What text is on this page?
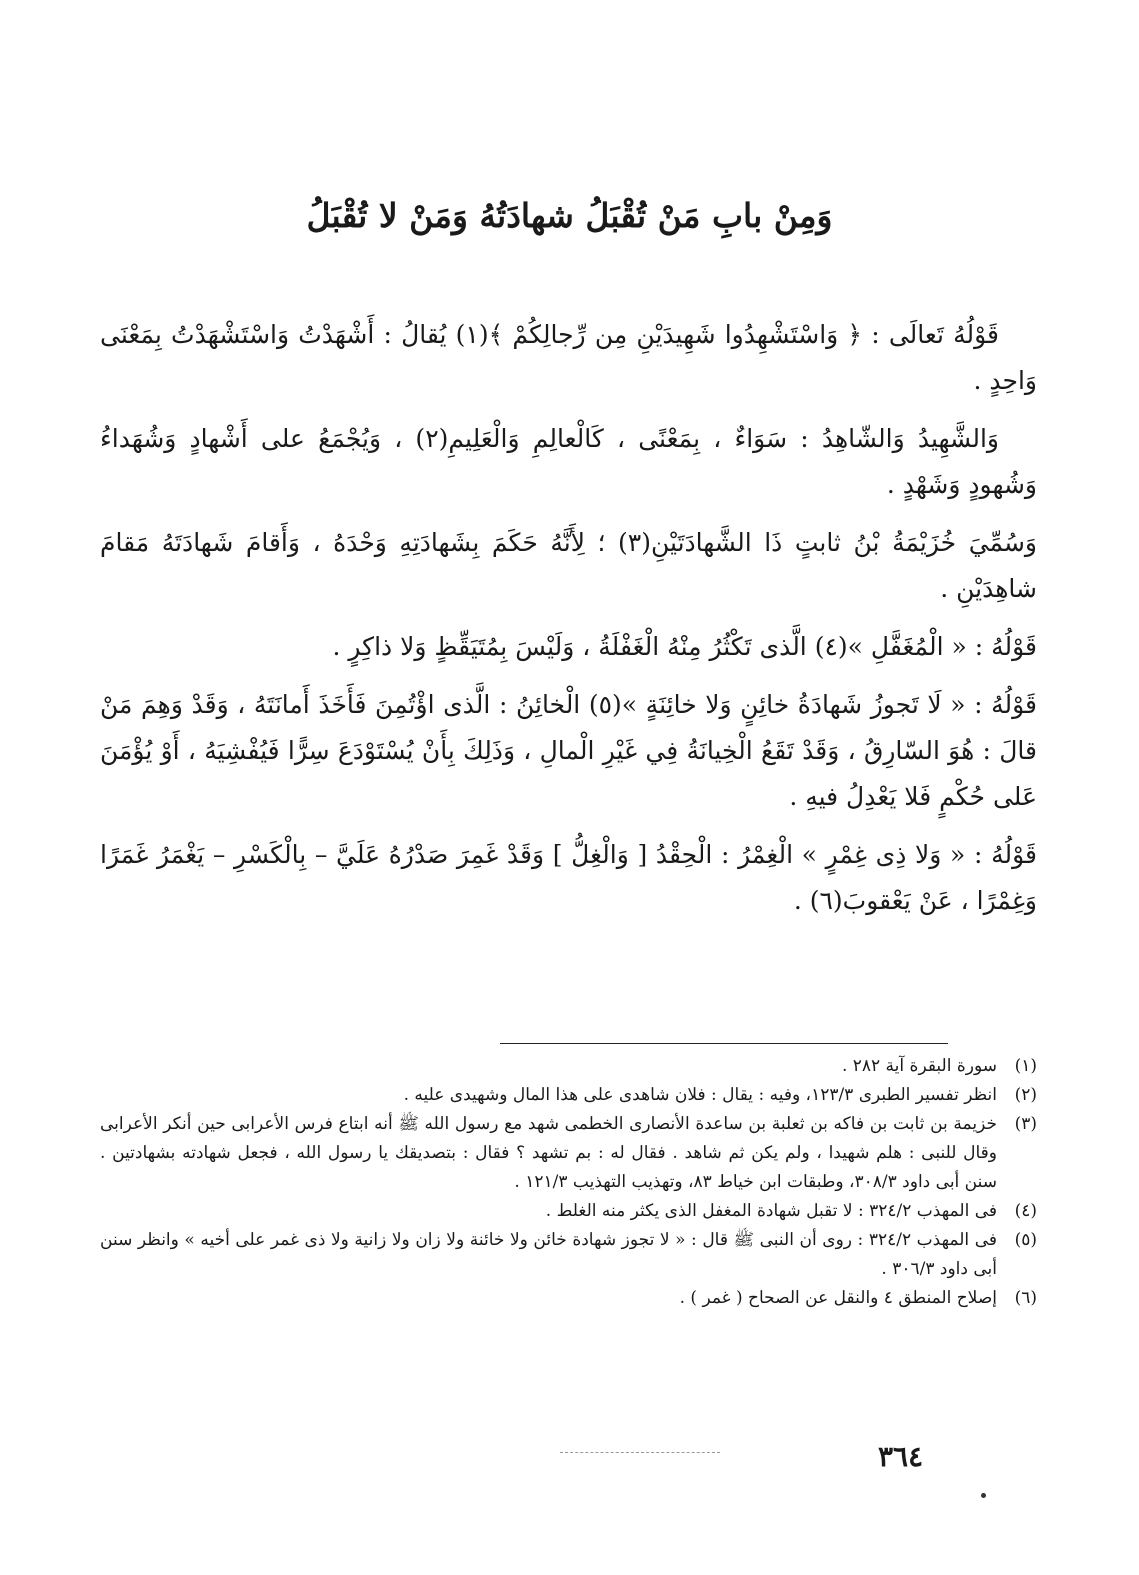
وَمِنْ بابِ مَنْ تُقْبَلُ شهادَتُهُ وَمَنْ لا تُقْبَلُ

قَوْلُهُ تَعالَى : ﴿ وَاسْتَشْهِدُوا شَهِيدَيْنِ مِن رِّجالِكُمْ ﴾(١) يُقالُ : أَشْهَدْتُ وَاسْتَشْهَدْتُ بِمَعْنَى وَاحِدٍ .

وَالشَّهِيدُ وَالشّاهِدُ : سَوَاءٌ ، بِمَعْنًى ، كَالْعالِمِ وَالْعَلِيمِ(٢) ، وَيُجْمَعُ على أَشْهادٍ وَشُهَداءُ وَشُهودٍ وَشَهْدٍ .

وَسُمِّيَ خُزَيْمَةُ بْنُ ثابتٍ ذَا الشَّهادَتَيْنِ(٣) ؛ لِأَنَّهُ حَكَمَ بِشَهادَتِهِ وَحْدَهُ ، وَأَقامَ شَهادَتَهُ مَقامَ شاهِدَيْنِ .

قَوْلُهُ : « الْمُغَفَّلِ »(٤) الَّذى تَكْثُرُ مِنْهُ الْغَفْلَةُ ، وَلَيْسَ بِمُتَيَقِّظٍ وَلا ذاكِرٍ .

قَوْلُهُ : « لَا تَجوزُ شَهادَةُ خائِنٍ وَلا خائِنَةٍ »(٥) الْخائِنُ : الَّذى اؤْتُمِنَ فَأَخَذَ أَمانَتَهُ ، وَقَدْ وَهِمَ مَنْ قالَ : هُوَ السّارِقُ ، وَقَدْ تَقَعُ الْخِيانَةُ فِي غَيْرِ الْمالِ ، وَذَلِكَ بِأَنْ يُسْتَوْدَعَ سِرًّا فَيُفْشِيَهُ ، أَوْ يُؤْمَنَ عَلى حُكْمٍ فَلا يَعْدِلُ فيهِ .

قَوْلُهُ : « وَلا ذِى غِمْرٍ » الْغِمْرُ : الْحِقْدُ [ وَالْغِلُّ ] وَقَدْ غَمِرَ صَدْرُهُ عَلَيَّ – بِالْكَسْرِ – يَغْمَرُ غَمَرًا وَغِمْرًا ، عَنْ يَعْقوبَ(٦) .

(١)
سورة البقرة آية ٢٨٢ .
(٢)
انظر تفسير الطبرى ١٢٣/٣، وفيه : يقال : فلان شاهدى على هذا المال وشهيدى عليه .
(٣)
خزيمة بن ثابت بن فاكه بن ثعلبة بن ساعدة الأنصارى الخطمى شهد مع رسول الله ﷺ أنه ابتاع فرس الأعرابى حين أنكر الأعرابى وقال للنبى : هلم شهيدا ، ولم يكن ثم شاهد . فقال له : بم تشهد ؟ فقال : بتصديقك يا رسول الله ، فجعل شهادته بشهادتين . سنن أبى داود ٣٠٨/٣، وطبقات ابن خياط ٨٣، وتهذيب التهذيب ١٢١/٣ .
(٤)
فى المهذب ٣٢٤/٢ : لا تقبل شهادة المغفل الذى يكثر منه الغلط .
(٥)
فى المهذب ٣٢٤/٢ : روى أن النبى ﷺ قال : « لا تجوز شهادة خائن ولا خائنة ولا زان ولا زانية ولا ذى غمر على أخيه » وانظر سنن أبى داود ٣٠٦/٣ .
(٦)
إصلاح المنطق ٤ والنقل عن الصحاح ( غمر ) .
٣٦٤
